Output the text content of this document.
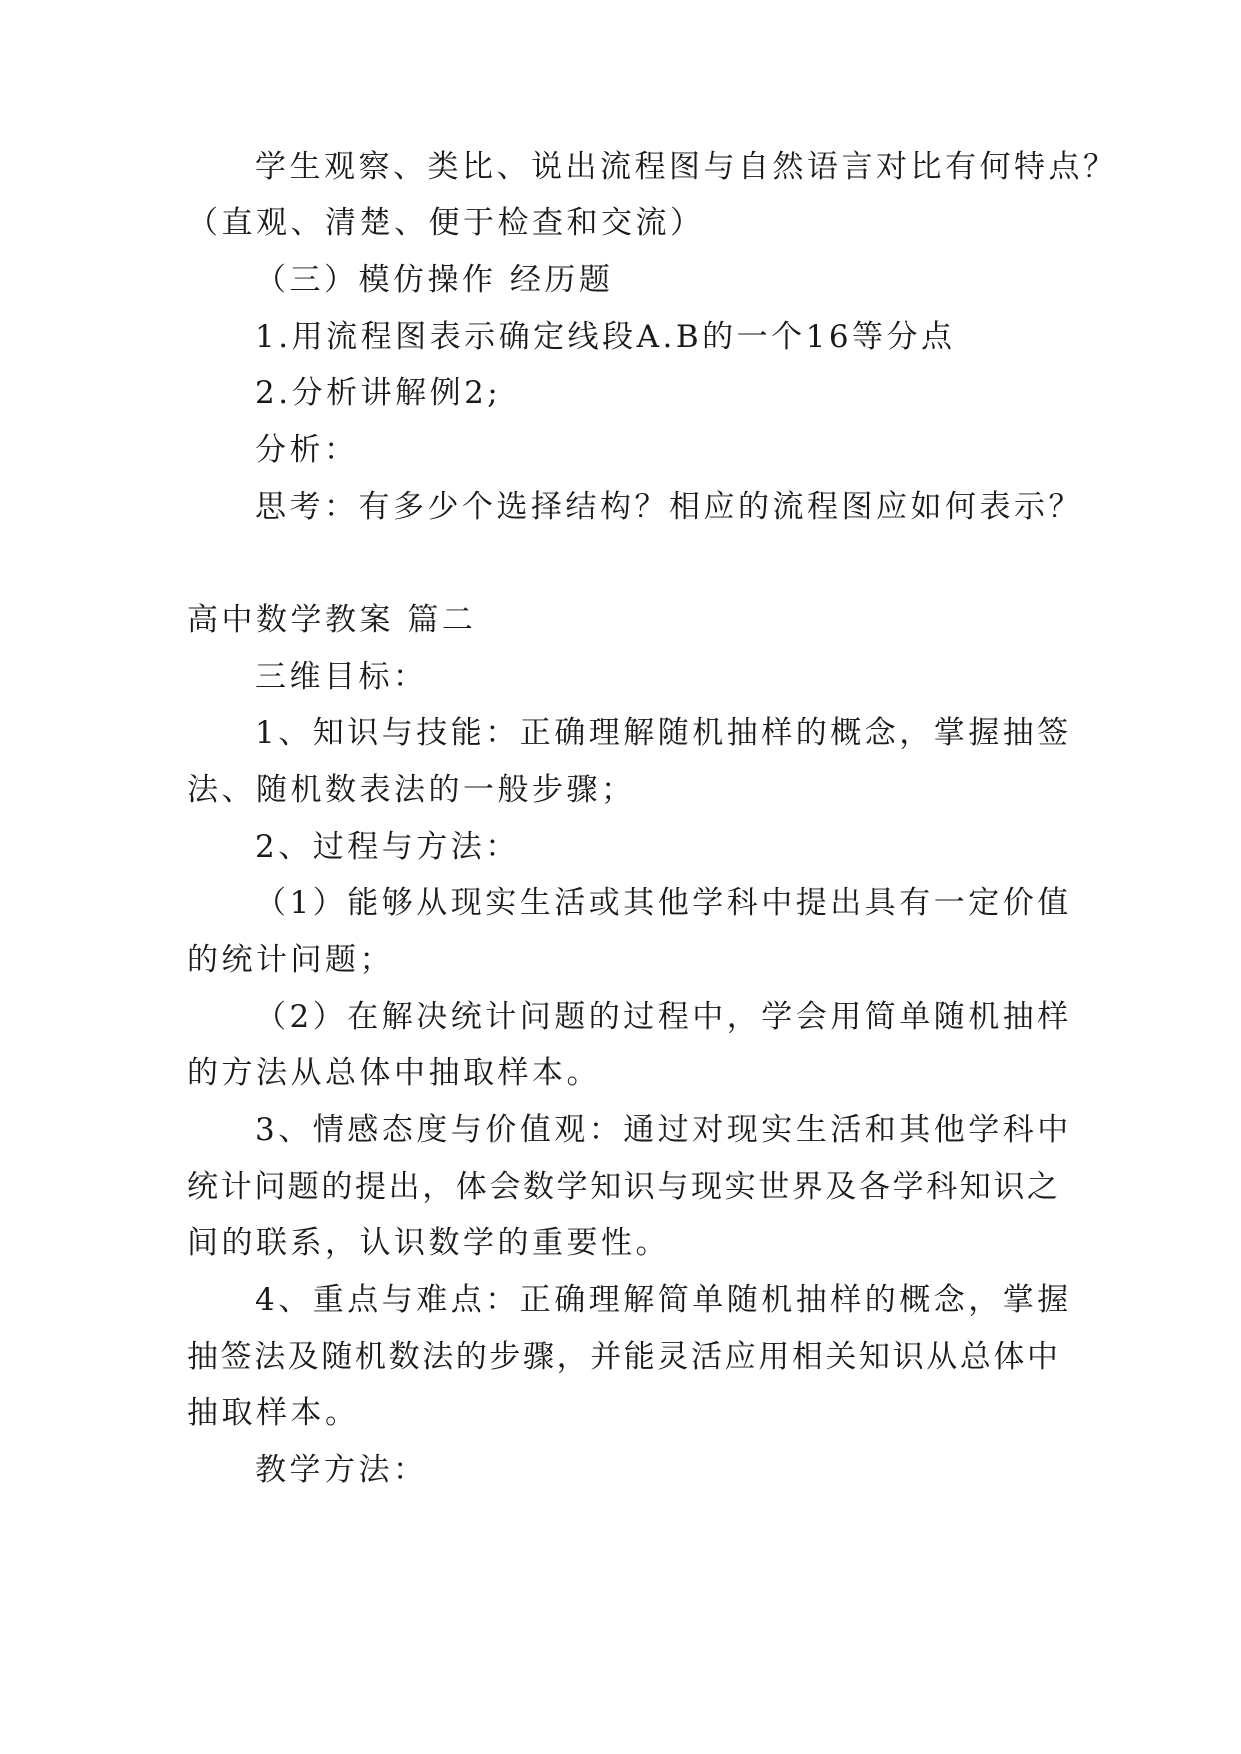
学生观察、类比、说出流程图与自然语言对比有何特点？

（直观、清楚、便于检查和交流）

（三）模仿操作 经历题

1.用流程图表示确定线段A.B的一个16等分点

2.分析讲解例2;

分析：

思考：有多少个选择结构？相应的流程图应如何表示？

高中数学教案 篇二

三维目标：

1、知识与技能：正确理解随机抽样的概念，掌握抽签

法、随机数表法的一般步骤；

2、过程与方法：

（1）能够从现实生活或其他学科中提出具有一定价值

的统计问题；

（2）在解决统计问题的过程中，学会用简单随机抽样

的方法从总体中抽取样本。

3、情感态度与价值观：通过对现实生活和其他学科中

统计问题的提出，体会数学知识与现实世界及各学科知识之

间的联系，认识数学的重要性。

4、重点与难点：正确理解简单随机抽样的概念，掌握

抽签法及随机数法的步骤，并能灵活应用相关知识从总体中

抽取样本。

教学方法：
